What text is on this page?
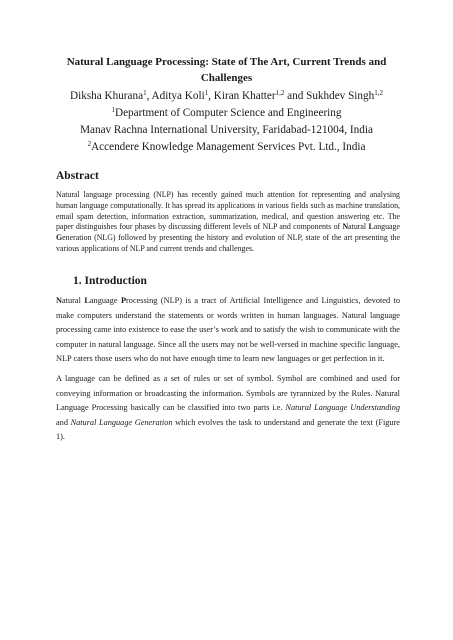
Natural Language Processing: State of The Art, Current Trends and Challenges
Diksha Khurana$^1$, Aditya Koli$^1$, Kiran Khatter$^{1,2}$ and Sukhdev Singh$^{1,2}$
$^1$Department of Computer Science and Engineering
Manav Rachna International University, Faridabad-121004, India
$^2$Accendere Knowledge Management Services Pvt. Ltd., India
Abstract
Natural language processing (NLP) has recently gained much attention for representing and analysing human language computationally. It has spread its applications in various fields such as machine translation, email spam detection, information extraction, summarization, medical, and question answering etc. The paper distinguishes four phases by discussing different levels of NLP and components of Natural Language Generation (NLG) followed by presenting the history and evolution of NLP, state of the art presenting the various applications of NLP and current trends and challenges.
1. Introduction
Natural Language Processing (NLP) is a tract of Artificial Intelligence and Linguistics, devoted to make computers understand the statements or words written in human languages. Natural language processing came into existence to ease the user’s work and to satisfy the wish to communicate with the computer in natural language. Since all the users may not be well-versed in machine specific language, NLP caters those users who do not have enough time to learn new languages or get perfection in it.
A language can be defined as a set of rules or set of symbol. Symbol are combined and used for conveying information or broadcasting the information. Symbols are tyrannized by the Rules. Natural Language Processing basically can be classified into two parts i.e. Natural Language Understanding and Natural Language Generation which evolves the task to understand and generate the text (Figure 1).
